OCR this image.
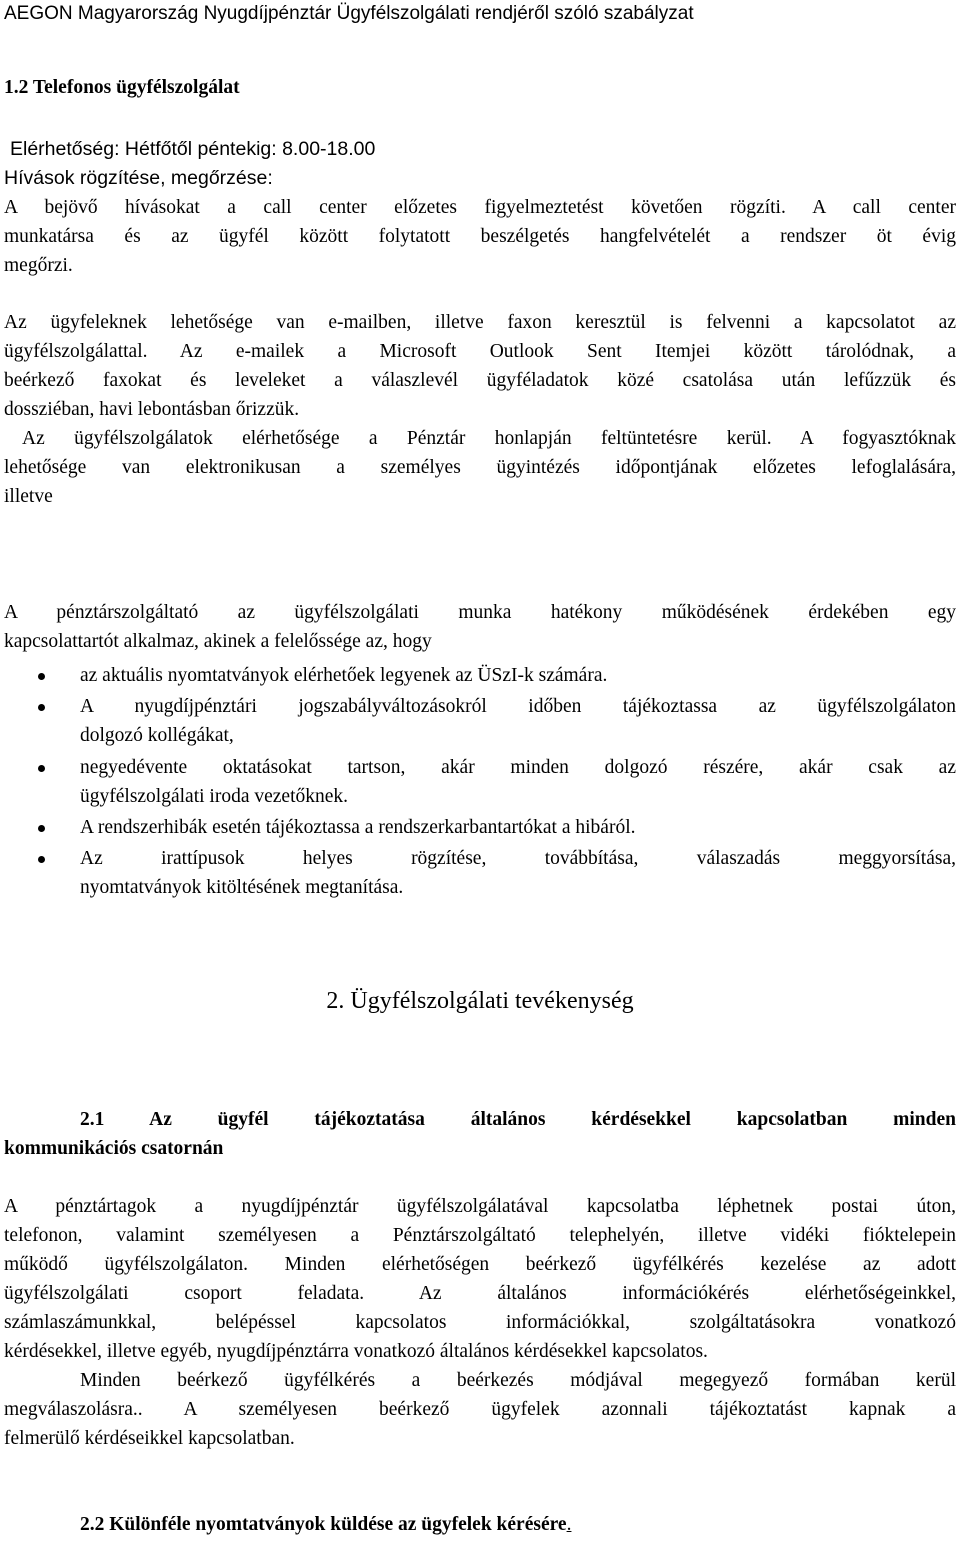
AEGON Magyarország Nyugdíjpénztár Ügyfélszolgálati rendjéről szóló szabályzat
1.2 Telefonos ügyfélszolgálat
Elérhetőség: Hétfőtől péntekig: 8.00-18.00
Hívások rögzítése, megőrzése:
A bejövő hívásokat a call center előzetes figyelmeztetést követően rögzíti. A call center
munkatársa és az ügyfél között folytatott beszélgetés hangfelvételét a rendszer öt évig
megőrzi.
Az ügyfeleknek lehetősége van e-mailben, illetve faxon keresztül is felvenni a kapcsolatot az
ügyfélszolgálattal. Az e-mailek a Microsoft Outlook Sent Itemjei között tárolódnak, a
beérkező faxokat és leveleket a válaszlevél ügyféladatok közé csatolása után lefűzzük és
dossziéban, havi lebontásban őrizzük.
Az ügyfélszolgálatok elérhetősége a Pénztár honlapján feltüntetésre kerül. A fogyasztóknak
lehetősége van elektronikusan a személyes ügyintézés időpontjának előzetes lefoglalására,
illetve
A pénztárszolgáltató az ügyfélszolgálati munka hatékony működésének érdekében egy
kapcsolattartót alkalmaz, akinek a felelőssége az, hogy
az aktuális nyomtatványok elérhetőek legyenek az ÜSzI-k számára.
A nyugdíjpénztári jogszabályváltozásokról időben tájékoztassa az ügyfélszolgálaton
dolgozó kollégákat,
negyedévente oktatásokat tartson, akár minden dolgozó részére, akár csak az
ügyfélszolgálati iroda vezetőknek.
A rendszerhibák esetén tájékoztassa a rendszerkarbantartókat a hibáról.
Az irattípusok helyes rögzítése, továbbítása, válaszadás meggyorsítása,
nyomtatványok kitöltésének megtanítása.
2. Ügyfélszolgálati tevékenység
2.1 Az ügyfél tájékoztatása általános kérdésekkel kapcsolatban minden
kommunikációs csatornán
A pénztártagok a nyugdíjpénztár ügyfélszolgálatával kapcsolatba léphetnek postai úton,
telefonon, valamint személyesen a Pénztárszolgáltató telephelyén, illetve vidéki fióktelepein
működő ügyfélszolgálaton. Minden elérhetőségen beérkező ügyfélkérés kezelése az adott
ügyfélszolgálati csoport feladata. Az általános információkérés elérhetőségeinkkel,
számlaszámunkkal, belépéssel kapcsolatos információkkal, szolgáltatásokra vonatkozó
kérdésekkel, illetve egyéb, nyugdíjpénztárra vonatkozó általános kérdésekkel kapcsolatos.
Minden beérkező ügyfélkérés a beérkezés módjával megegyező formában kerül
megválaszolásra.. A személyesen beérkező ügyfelek azonnali tájékoztatást kapnak a
felmerülő kérdéseikkel kapcsolatban.
2.2 Különféle nyomtatványok küldése az ügyfelek kérésére.
